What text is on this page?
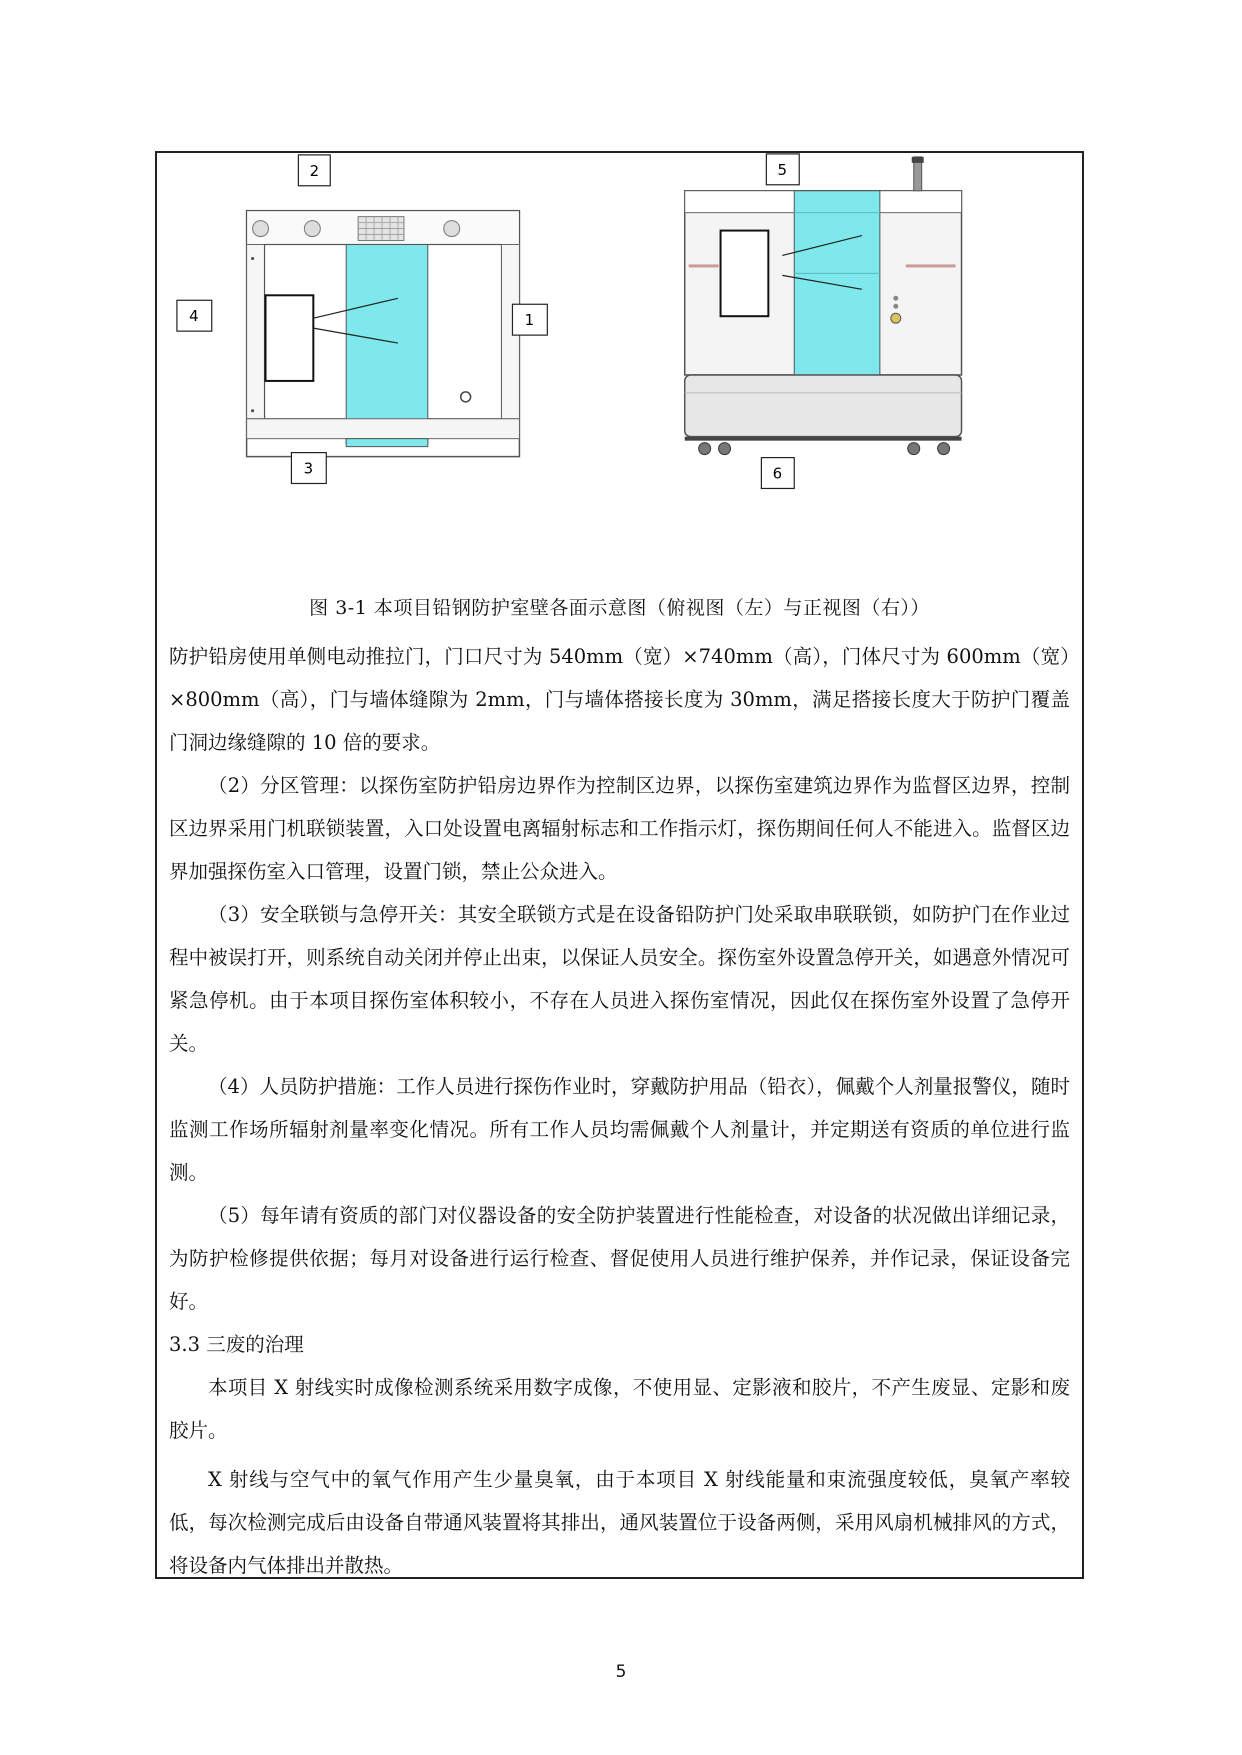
2
4	1
3
5
6
图 3-1 本项目铅钢防护室壁各面示意图（俯视图（左）与正视图（右））

防护铅房使用单侧电动推拉门，门口尺寸为 540mm（宽）×740mm（高），门体尺寸为 600mm（宽）×800mm（高），门与墙体缝隙为 2mm，门与墙体搭接长度为 30mm，满足搭接长度大于防护门覆盖门洞边缘缝隙的 10 倍的要求。

（2）分区管理：以探伤室防护铅房边界作为控制区边界，以探伤室建筑边界作为监督区边界，控制区边界采用门机联锁装置，入口处设置电离辐射标志和工作指示灯，探伤期间任何人不能进入。监督区边界加强探伤室入口管理，设置门锁，禁止公众进入。

（3）安全联锁与急停开关：其安全联锁方式是在设备铅防护门处采取串联联锁，如防护门在作业过程中被误打开，则系统自动关闭并停止出束，以保证人员安全。探伤室外设置急停开关，如遇意外情况可紧急停机。由于本项目探伤室体积较小，不存在人员进入探伤室情况，因此仅在探伤室外设置了急停开关。

（4）人员防护措施：工作人员进行探伤作业时，穿戴防护用品（铅衣），佩戴个人剂量报警仪，随时监测工作场所辐射剂量率变化情况。所有工作人员均需佩戴个人剂量计，并定期送有资质的单位进行监测。

（5）每年请有资质的部门对仪器设备的安全防护装置进行性能检查，对设备的状况做出详细记录，为防护检修提供依据；每月对设备进行运行检查、督促使用人员进行维护保养，并作记录，保证设备完好。

3.3 三废的治理

本项目 X 射线实时成像检测系统采用数字成像，不使用显、定影液和胶片，不产生废显、定影和废胶片。

X 射线与空气中的氧气作用产生少量臭氧，由于本项目 X 射线能量和束流强度较低，臭氧产率较低，每次检测完成后由设备自带通风装置将其排出，通风装置位于设备两侧，采用风扇机械排风的方式，将设备内气体排出并散热。

5
